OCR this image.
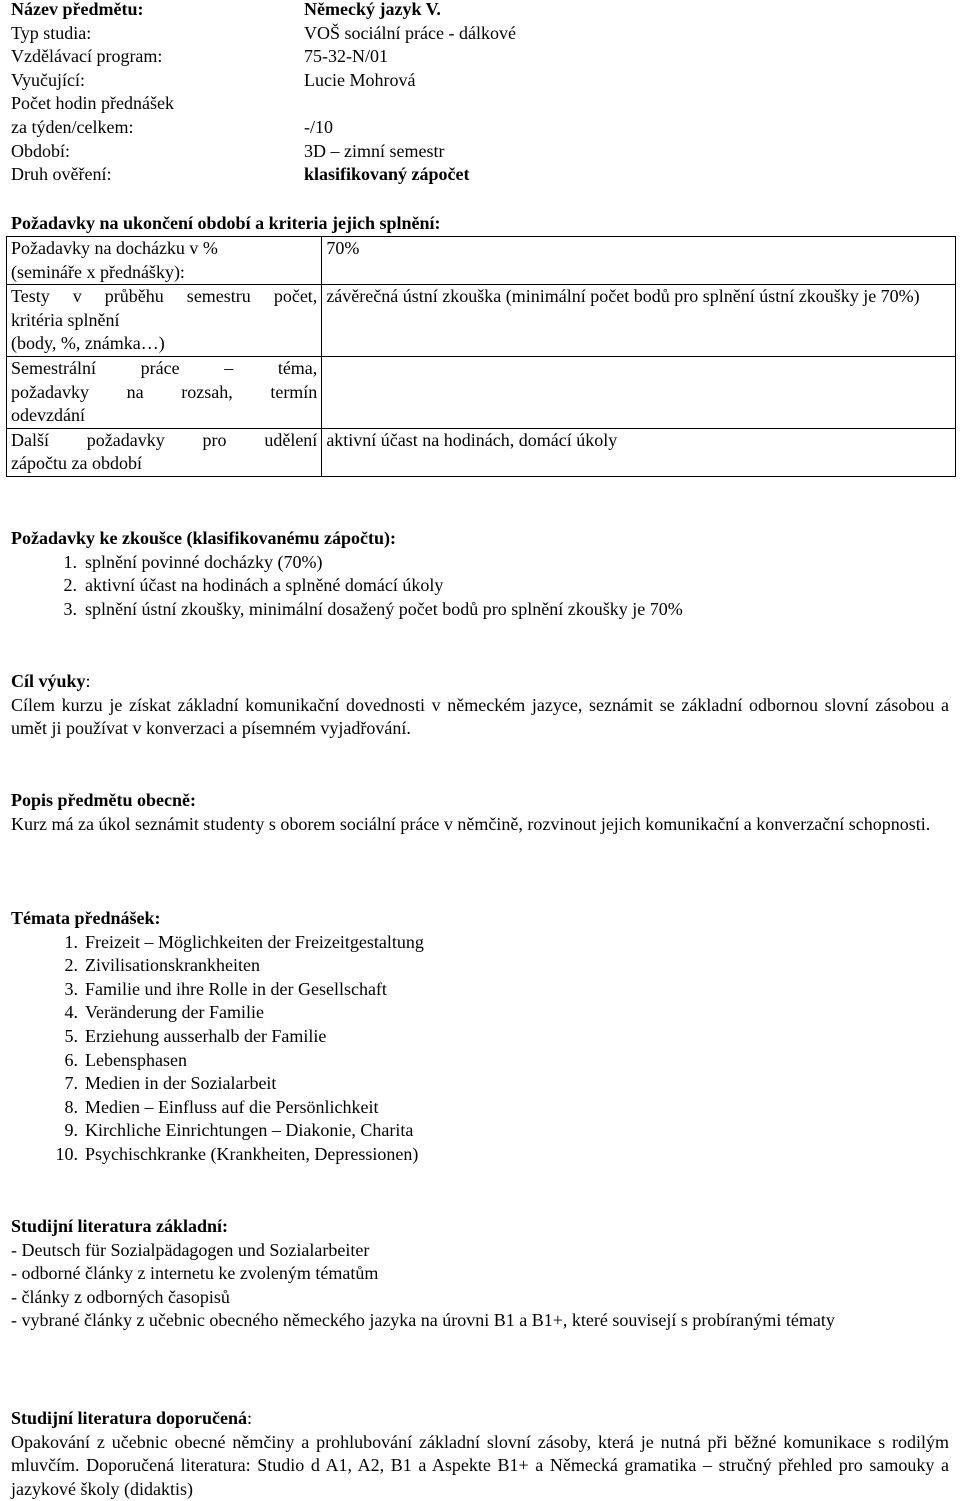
Název předmětu:	Německý jazyk V.
Typ studia:	VOŠ sociální práce - dálkové
Vzdělávací program:	75-32-N/01
Vyučující:	Lucie Mohrová
Počet hodin přednášek
za týden/celkem:	-/10
Období:	3D – zimní semestr
Druh ověření:	klasifikovaný zápočet
Požadavky na ukončení období a kriteria jejich splnění:
Požadavky na docházku v %
(semináře x přednášky):	70%

Testy v průběhu semestru počet,
kritéria splnění
(body, %, známka…)	závěrečná ústní zkouška (minimální počet bodů pro splnění ústní zkoušky je 70%)

Semestrální práce – téma,
požadavky na rozsah, termín
odevzdání	

Další požadavky pro udělení
zápočtu za období	aktivní účast na hodinách, domácí úkoly
Požadavky ke zkoušce (klasifikovanému zápočtu):
1. splnění povinné docházky (70%)
2. aktivní účast na hodinách a splněné domácí úkoly
3. splnění ústní zkoušky, minimální dosažený počet bodů pro splnění zkoušky je 70%
Cíl výuky:
Cílem kurzu je získat základní komunikační dovednosti v německém jazyce, seznámit se základní odbornou slovní zásobou a umět ji používat v konverzaci a písemném vyjadřování.
Popis předmětu obecně:
Kurz má za úkol seznámit studenty s oborem sociální práce v němčině, rozvinout jejich komunikační a konverzační schopnosti.
Témata přednášek:
1. Freizeit – Möglichkeiten der Freizeitgestaltung
2. Zivilisationskrankheiten
3. Familie und ihre Rolle in der Gesellschaft
4. Veränderung der Familie
5. Erziehung ausserhalb der Familie
6. Lebensphasen
7. Medien in der Sozialarbeit
8. Medien – Einfluss auf die Persönlichkeit
9. Kirchliche Einrichtungen – Diakonie, Charita
10. Psychischkranke (Krankheiten, Depressionen)
Studijní literatura základní:
- Deutsch für Sozialpädagogen und Sozialarbeiter
- odborné články z internetu ke zvoleným tématům
- články z odborných časopisů
- vybrané články z učebnic obecného německého jazyka na úrovni B1 a B1+, které souvisejí s probíranými tématy
Studijní literatura doporučená:
Opakování z učebnic obecné němčiny a prohlubování základní slovní zásoby, která je nutná při běžné komunikace s rodilým mluvčím. Doporučená literatura: Studio d A1, A2, B1 a Aspekte B1+ a Německá gramatika – stručný přehled pro samouky a jazykové školy (didaktis)
